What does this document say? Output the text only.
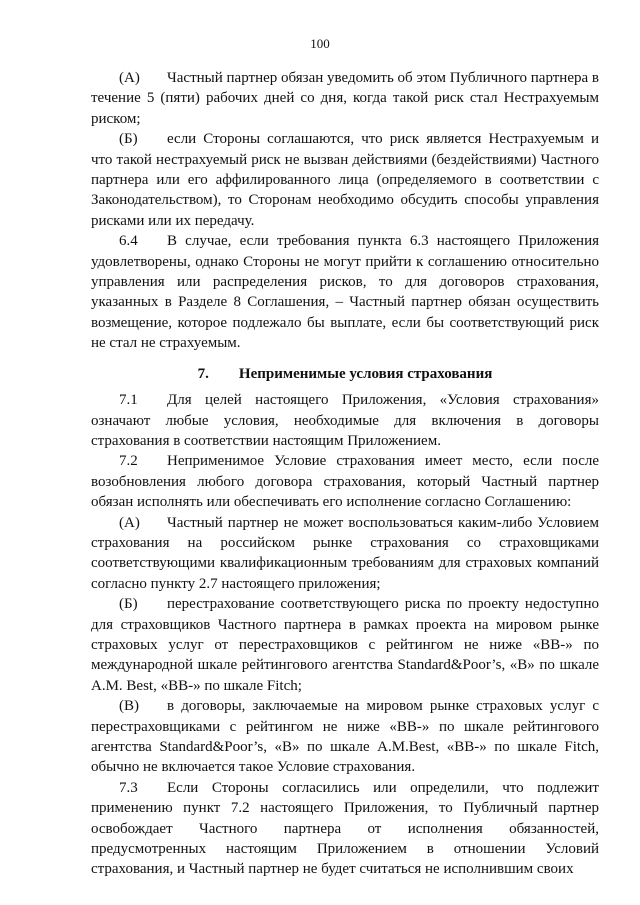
100

(А) Частный партнер обязан уведомить об этом Публичного партнера в течение 5 (пяти) рабочих дней со дня, когда такой риск стал Нестрахуемым риском;

(Б) если Стороны соглашаются, что риск является Нестрахуемым и что такой нестрахуемый риск не вызван действиями (бездействиями) Частного партнера или его аффилированного лица (определяемого в соответствии с Законодательством), то Сторонам необходимо обсудить способы управления рисками или их передачу.

6.4 В случае, если требования пункта 6.3 настоящего Приложения удовлетворены, однако Стороны не могут прийти к соглашению относительно управления или распределения рисков, то для договоров страхования, указанных в Разделе 8 Соглашения, – Частный партнер обязан осуществить возмещение, которое подлежало бы выплате, если бы соответствующий риск не стал не страхуемым.

7. Неприменимые условия страхования

7.1 Для целей настоящего Приложения, «Условия страхования» означают любые условия, необходимые для включения в договоры страхования в соответствии настоящим Приложением.

7.2 Неприменимое Условие страхования имеет место, если после возобновления любого договора страхования, который Частный партнер обязан исполнять или обеспечивать его исполнение согласно Соглашению:

(А) Частный партнер не может воспользоваться каким-либо Условием страхования на российском рынке страхования со страховщиками соответствующими квалификационным требованиям для страховых компаний согласно пункту 2.7 настоящего приложения;

(Б) перестрахование соответствующего риска по проекту недоступно для страховщиков Частного партнера в рамках проекта на мировом рынке страховых услуг от перестраховщиков с рейтингом не ниже «BB-» по международной шкале рейтингового агентства Standard&Poor’s, «B» по шкале A.M. Best, «BB-» по шкале Fitch;

(В) в договоры, заключаемые на мировом рынке страховых услуг с перестраховщиками с рейтингом не ниже «BB-» по шкале рейтингового агентства Standard&Poor’s, «B» по шкале A.M.Best, «BB-» по шкале Fitch, обычно не включается такое Условие страхования.

7.3 Если Стороны согласились или определили, что подлежит применению пункт 7.2 настоящего Приложения, то Публичный партнер освобождает Частного партнера от исполнения обязанностей, предусмотренных настоящим Приложением в отношении Условий страхования, и Частный партнер не будет считаться не исполнившим своих
